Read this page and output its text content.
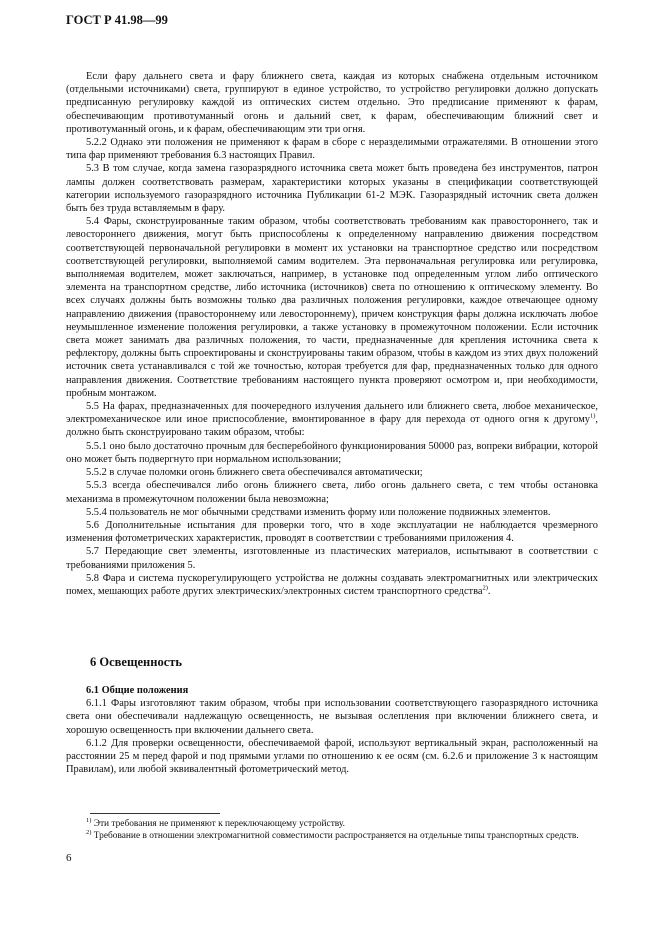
ГОСТ Р 41.98—99

Если фару дальнего света и фару ближнего света, каждая из которых снабжена отдельным источником (отдельными источниками) света, группируют в единое устройство, то устройство регулировки должно допускать предписанную регулировку каждой из оптических систем отдельно. Это предписание применяют к фарам, обеспечивающим противотуманный огонь и дальний свет, к фарам, обеспечивающим ближний свет и противотуманный огонь, и к фарам, обеспечивающим эти три огня.

5.2.2 Однако эти положения не применяют к фарам в сборе с неразделимыми отражателями. В отношении этого типа фар применяют требования 6.3 настоящих Правил.

5.3 В том случае, когда замена газоразрядного источника света может быть проведена без инструментов, патрон лампы должен соответствовать размерам, характеристики которых указаны в спецификации соответствующей категории используемого газоразрядного источника Публикации 61-2 МЭК. Газоразрядный источник света должен быть без труда вставляемым в фару.

5.4 Фары, сконструированные таким образом, чтобы соответствовать требованиям как правостороннего, так и левостороннего движения, могут быть приспособлены к определенному направлению движения посредством соответствующей первоначальной регулировки в момент их установки на транспортное средство или посредством соответствующей регулировки, выполняемой самим водителем. Эта первоначальная регулировка или регулировка, выполняемая водителем, может заключаться, например, в установке под определенным углом либо оптического элемента на транспортном средстве, либо источника (источников) света по отношению к оптическому элементу. Во всех случаях должны быть возможны только два различных положения регулировки, каждое отвечающее одному направлению движения (правостороннему или левостороннему), причем конструкция фары должна исключать любое неумышленное изменение положения регулировки, а также установку в промежуточном положении. Если источник света может занимать два различных положения, то части, предназначенные для крепления источника света к рефлектору, должны быть спроектированы и сконструированы таким образом, чтобы в каждом из этих двух положений источник света устанавливался с той же точностью, которая требуется для фар, предназначенных только для одного направления движения. Соответствие требованиям настоящего пункта проверяют осмотром и, при необходимости, пробным монтажом.

5.5 На фарах, предназначенных для поочередного излучения дальнего или ближнего света, любое механическое, электромеханическое или иное приспособление, вмонтированное в фару для перехода от одного огня к другому$^{1)}$, должно быть сконструировано таким образом, чтобы:

5.5.1 оно было достаточно прочным для бесперебойного функционирования 50000 раз, вопреки вибрации, которой оно может быть подвергнуто при нормальном использовании;

5.5.2 в случае поломки огонь ближнего света обеспечивался автоматически;

5.5.3 всегда обеспечивался либо огонь ближнего света, либо огонь дальнего света, с тем чтобы остановка механизма в промежуточном положении была невозможна;

5.5.4 пользователь не мог обычными средствами изменить форму или положение подвижных элементов.

5.6 Дополнительные испытания для проверки того, что в ходе эксплуатации не наблюдается чрезмерного изменения фотометрических характеристик, проводят в соответствии с требованиями приложения 4.

5.7 Передающие свет элементы, изготовленные из пластических материалов, испытывают в соответствии с требованиями приложения 5.

5.8 Фара и система пускорегулирующего устройства не должны создавать электромагнитных или электрических помех, мешающих работе других электрических/электронных систем транспортного средства$^{2)}$.

6 Освещенность

6.1 Общие положения

6.1.1 Фары изготовляют таким образом, чтобы при использовании соответствующего газоразрядного источника света они обеспечивали надлежащую освещенность, не вызывая ослепления при включении ближнего света, и хорошую освещенность при включении дальнего света.

6.1.2 Для проверки освещенности, обеспечиваемой фарой, используют вертикальный экран, расположенный на расстоянии 25 м перед фарой и под прямыми углами по отношению к ее осям (см. 6.2.6 и приложение 3 к настоящим Правилам), или любой эквивалентный фотометрический метод.

$^{1)}$ Эти требования не применяют к переключающему устройству.

$^{2)}$ Требование в отношении электромагнитной совместимости распространяется на отдельные типы транспортных средств.

6
